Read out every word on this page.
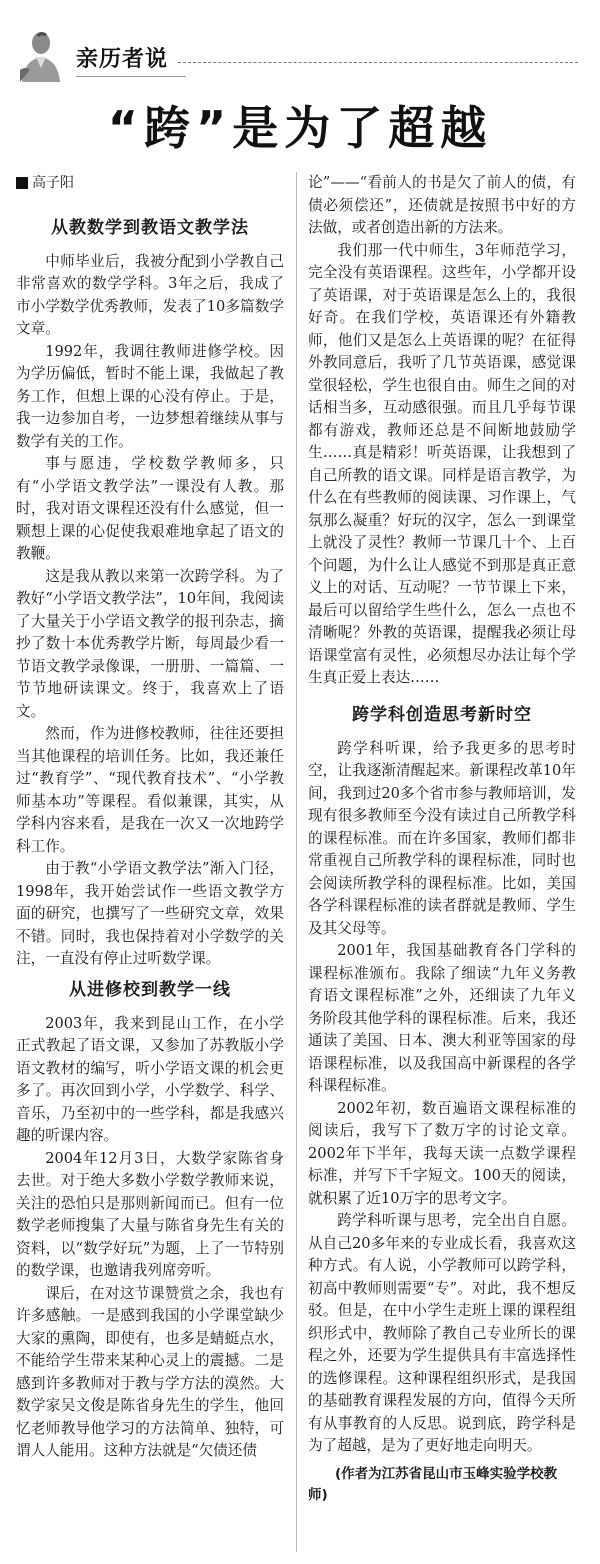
亲历者说
“跨”是为了超越
高子阳
从教数学到教语文教学法

中师毕业后，我被分配到小学教自己非常喜欢的数学学科。3年之后，我成了市小学数学优秀教师，发表了10多篇数学文章。

1992年，我调往教师进修学校。因为学历偏低，暂时不能上课，我做起了教务工作，但想上课的心没有停止。于是，我一边参加自考，一边梦想着继续从事与数学有关的工作。

事与愿违，学校数学教师多，只有“小学语文教学法”一课没有人教。那时，我对语文课程还没有什么感觉，但一颗想上课的心促使我艰难地拿起了语文的教鞭。

这是我从教以来第一次跨学科。为了教好“小学语文教学法”，10年间，我阅读了大量关于小学语文教学的报刊杂志，摘抄了数十本优秀教学片断，每周最少看一节语文教学录像课，一册册、一篇篇、一节节地研读课文。终于，我喜欢上了语文。

然而，作为进修校教师，往往还要担当其他课程的培训任务。比如，我还兼任过“教育学”、“现代教育技术”、“小学教师基本功”等课程。看似兼课，其实，从学科内容来看，是我在一次又一次地跨学科工作。

由于教“小学语文教学法”渐入门径，1998年，我开始尝试作一些语文教学方面的研究，也撰写了一些研究文章，效果不错。同时，我也保持着对小学数学的关注，一直没有停止过听数学课。

从进修校到教学一线

2003年，我来到昆山工作，在小学正式教起了语文课，又参加了苏教版小学语文教材的编写，听小学语文课的机会更多了。再次回到小学，小学数学、科学、音乐，乃至初中的一些学科，都是我感兴趣的听课内容。

2004年12月3日，大数学家陈省身去世。对于绝大多数小学数学教师来说，关注的恐怕只是那则新闻而已。但有一位数学老师搜集了大量与陈省身先生有关的资料，以“数学好玩”为题，上了一节特别的数学课，也邀请我列席旁听。

课后，在对这节课赞赏之余，我也有许多感触。一是感到我国的小学课堂缺少大家的熏陶，即使有，也多是蜻蜓点水，不能给学生带来某种心灵上的震撼。二是感到许多教师对于教与学方法的漠然。大数学家吴文俊是陈省身先生的学生，他回忆老师教导他学习的方法简单、独特，可谓人人能用。这种方法就是“欠债还债

论”——“看前人的书是欠了前人的债，有债必须偿还”，还债就是按照书中好的方法做，或者创造出新的方法来。

我们那一代中师生，3年师范学习，完全没有英语课程。这些年，小学都开设了英语课，对于英语课是怎么上的，我很好奇。在我们学校，英语课还有外籍教师，他们又是怎么上英语课的呢？在征得外教同意后，我听了几节英语课，感觉课堂很轻松，学生也很自由。师生之间的对话相当多，互动感很强。而且几乎每节课都有游戏，教师还总是不间断地鼓励学生……真是精彩！听英语课，让我想到了自己所教的语文课。同样是语言教学，为什么在有些教师的阅读课、习作课上，气氛那么凝重？好玩的汉字，怎么一到课堂上就没了灵性？教师一节课几十个、上百个问题，为什么让人感觉不到那是真正意义上的对话、互动呢？一节节课上下来，最后可以留给学生些什么，怎么一点也不清晰呢？外教的英语课，提醒我必须让母语课堂富有灵性，必须想尽办法让每个学生真正爱上表达……

跨学科创造思考新时空

跨学科听课，给予我更多的思考时空，让我逐渐清醒起来。新课程改革10年间，我到过20多个省市参与教师培训，发现有很多教师至今没有读过自己所教学科的课程标准。而在许多国家，教师们都非常重视自己所教学科的课程标准，同时也会阅读所教学科的课程标准。比如，美国各学科课程标准的读者群就是教师、学生及其父母等。

2001年，我国基础教育各门学科的课程标准颁布。我除了细读“九年义务教育语文课程标准”之外，还细读了九年义务阶段其他学科的课程标准。后来，我还通读了美国、日本、澳大利亚等国家的母语课程标准，以及我国高中新课程的各学科课程标准。

2002年初，数百遍语文课程标准的阅读后，我写下了数万字的讨论文章。2002年下半年，我每天读一点数学课程标准，并写下千字短文。100天的阅读，就积累了近10万字的思考文字。

跨学科听课与思考，完全出自自愿。从自己20多年来的专业成长看，我喜欢这种方式。有人说，小学教师可以跨学科，初高中教师则需要“专”。对此，我不想反驳。但是，在中小学生走班上课的课程组织形式中，教师除了教自己专业所长的课程之外，还要为学生提供具有丰富选择性的选修课程。这种课程组织形式，是我国的基础教育课程发展的方向，值得今天所有从事教育的人反思。说到底，跨学科是为了超越，是为了更好地走向明天。

(作者为江苏省昆山市玉峰实验学校教师)
